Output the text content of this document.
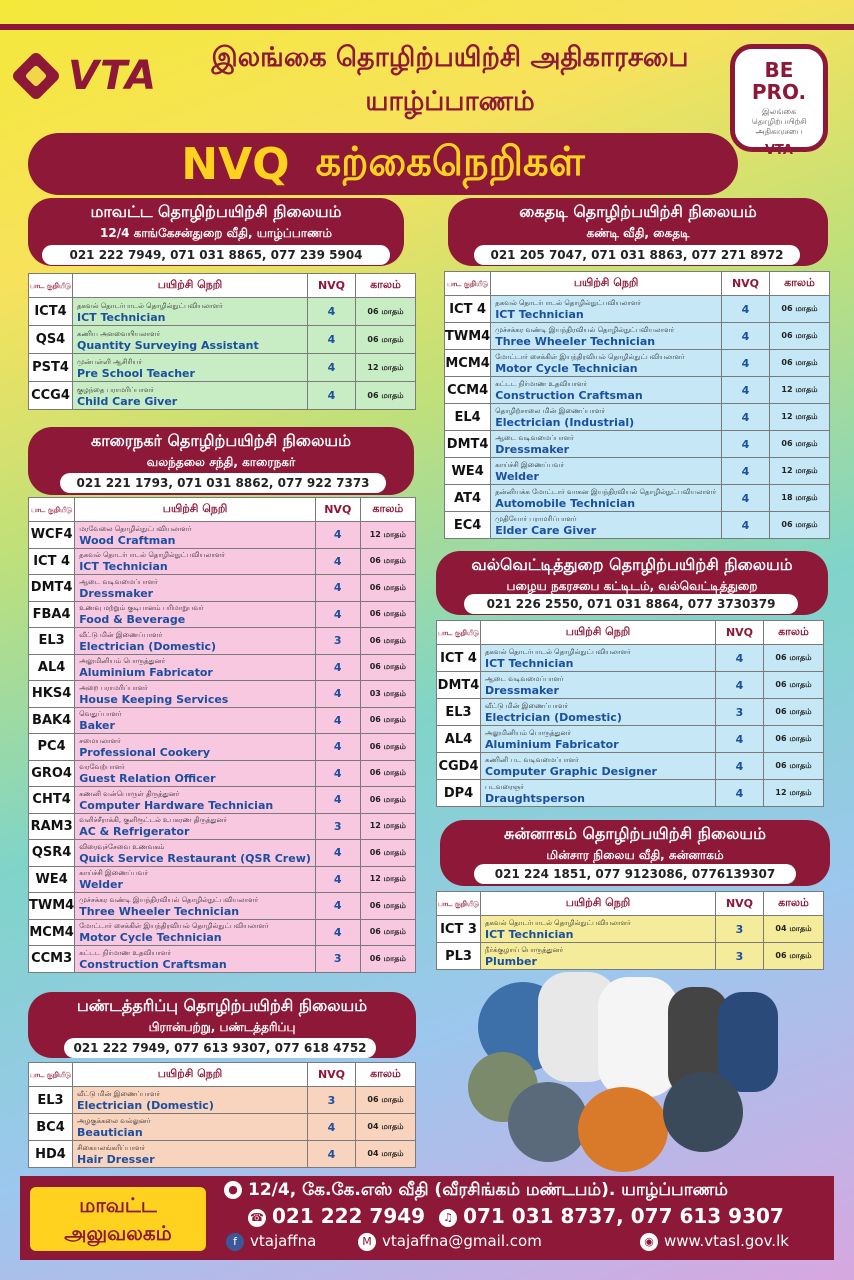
VTA	இலங்கை தொழிற்பயிற்சி அதிகாரசபை
யாழ்ப்பாணம்
BE
PRO.
இலங்கை தொழிற்பயிற்சி அதிகாரசபை
VTA
NVQ கற்கைநெறிகள்
மாவட்ட தொழிற்பயிற்சி நிலையம்
12/4 காங்கேசன்துறை வீதி, யாழ்ப்பாணம்
021 222 7949, 071 031 8865, 077 239 5904
பாட குறியீடு	பயிற்சி நெறி	NVQ	காலம்
ICT4	தகவல் தொடர்பாடல் தொழில்நுட்பவியலாளர்
ICT Technician	4	06 மாதம்
QS4	கணிய அளவையியலாளர்
Quantity Surveying Assistant	4	06 மாதம்
PST4	முன்பள்ளி ஆசிரியர்
Pre School Teacher	4	12 மாதம்
CCG4	குழந்தை பராமரிப்பாளர்
Child Care Giver	4	06 மாதம்
காரைநகர் தொழிற்பயிற்சி நிலையம்
வலந்தலை சந்தி, காரைநகர்
021 221 1793, 071 031 8862, 077 922 7373
பாட குறியீடு	பயிற்சி நெறி	NVQ	காலம்
WCF4	மரவேலை தொழில்நுட்பவியலாளர்
Wood Craftman	4	12 மாதம்
ICT 4	தகவல் தொடர்பாடல் தொழில்நுட்பவியலாளர்
ICT Technician	4	06 மாதம்
DMT4	ஆடை வடிவமைப்பாளர்
Dressmaker	4	06 மாதம்
FBA4	உணவு மற்றும் குடிபானம் பரிமாறுபவர்
Food & Beverage	4	06 மாதம்
EL3	வீட்டு மின் இணைப்பாளர்
Electrician (Domestic)	3	06 மாதம்
AL4	அலுமினியம் பொருத்துனர்
Aluminium Fabricator	4	06 மாதம்
HKS4	அறை பராமரிப்பாளர்
House Keeping Services	4	03 மாதம்
BAK4	வெதுப்பாளர்
Baker	4	06 மாதம்
PC4	சமையலாளர்
Professional Cookery	4	06 மாதம்
GRO4	வரவேற்பாளர்
Guest Relation Officer	4	06 மாதம்
CHT4	கணனி வன்பொருள் திருத்துனர்
Computer Hardware Technician	4	06 மாதம்
RAM3	வளிச்சீராக்கி, குளிரூட்டல் உபகரண திருத்துனர்
AC & Refrigerator	3	12 மாதம்
QSR4	விரைவுச்சேவை உணவகம்
Quick Service Restaurant (QSR Crew)	4	06 மாதம்
WE4	காய்ச்சி இணைப்பவர்
Welder	4	12 மாதம்
TWM4	முச்சக்கர வண்டி இயந்திரவியல் தொழில்நுட்பவியலாளர்
Three Wheeler Technician	4	06 மாதம்
MCM4	மோட்டார் சைக்கிள் இயந்திரவியல் தொழில்நுட்பவியலாளர்
Motor Cycle Technician	4	06 மாதம்
CCM3	கட்டட நிர்மாண உதவியாளர்
Construction Craftsman	3	06 மாதம்
பண்டத்தரிப்பு தொழிற்பயிற்சி நிலையம்
பிரான்பற்று, பண்டத்தரிப்பு
021 222 7949, 077 613 9307, 077 618 4752
பாட குறியீடு	பயிற்சி நெறி	NVQ	காலம்
EL3	வீட்டு மின் இணைப்பாளர்
Electrician (Domestic)	3	06 மாதம்
BC4	அழகுக்கலை வல்லுனர்
Beautician	4	04 மாதம்
HD4	சிகையலங்கரிப்பாளர்
Hair Dresser	4	04 மாதம்
கைதடி தொழிற்பயிற்சி நிலையம்
கண்டி வீதி, கைதடி
021 205 7047, 071 031 8863, 077 271 8972
பாட குறியீடு	பயிற்சி நெறி	NVQ	காலம்
ICT 4	தகவல் தொடர்பாடல் தொழில்நுட்பவியலாளர்
ICT Technician	4	06 மாதம்
TWM4	முச்சக்கர வண்டி இயந்திரவியல் தொழில்நுட்பவியலாளர்
Three Wheeler Technician	4	06 மாதம்
MCM4	மோட்டார் சைக்கிள் இயந்திரவியல் தொழில்நுட்பவியலாளர்
Motor Cycle Technician	4	06 மாதம்
CCM4	கட்டட நிர்மாண உதவியாளர்
Construction Craftsman	4	12 மாதம்
EL4	தொழிற்சாலை மின் இணைப்பாளர்
Electrician (Industrial)	4	12 மாதம்
DMT4	ஆடை வடிவமைப்பாளர்
Dressmaker	4	06 மாதம்
WE4	காய்ச்சி இணைப்பவர்
Welder	4	12 மாதம்
AT4	தன்னியக்க மோட்டார் வாகன இயந்திரவியல் தொழில்நுட்பவியலாளர்
Automobile Technician	4	18 மாதம்
EC4	முதியோர் பராமரிப்பாளர்
Elder Care Giver	4	06 மாதம்
வல்வெட்டித்துறை தொழிற்பயிற்சி நிலையம்
பழைய நகரசபை கட்டிடம், வல்வெட்டித்துறை
021 226 2550, 071 031 8864, 077 3730379
பாட குறியீடு	பயிற்சி நெறி	NVQ	காலம்
ICT 4	தகவல் தொடர்பாடல் தொழில்நுட்பவியலாளர்
ICT Technician	4	06 மாதம்
DMT4	ஆடை வடிவமைப்பாளர்
Dressmaker	4	06 மாதம்
EL3	வீட்டு மின் இணைப்பாளர்
Electrician (Domestic)	3	06 மாதம்
AL4	அலுமினியம் பொருத்துனர்
Aluminium Fabricator	4	06 மாதம்
CGD4	கணினி பட வடிவமைப்பாளர்
Computer Graphic Designer	4	06 மாதம்
DP4	படவரைஞர்
Draughtsperson	4	12 மாதம்
சுன்னாகம் தொழிற்பயிற்சி நிலையம்
மின்சார நிலைய வீதி, சுன்னாகம்
021 224 1851, 077 9123086, 0776139307
பாட குறியீடு	பயிற்சி நெறி	NVQ	காலம்
ICT 3	தகவல் தொடர்பாடல் தொழில்நுட்பவியலாளர்
ICT Technician	3	04 மாதம்
PL3	நீர்க்குழாய் பொருத்துனர்
Plumber	3	06 மாதம்
மாவட்ட
அலுவலகம்
● 12/4, கே.கே.எஸ் வீதி (வீரசிங்கம் மண்டபம்). யாழ்ப்பாணம்
☎ 021 222 7949 ♫ 071 031 8737, 077 613 9307
f vtajaffna	M vtajaffna@gmail.com	◉ www.vtasl.gov.lk
